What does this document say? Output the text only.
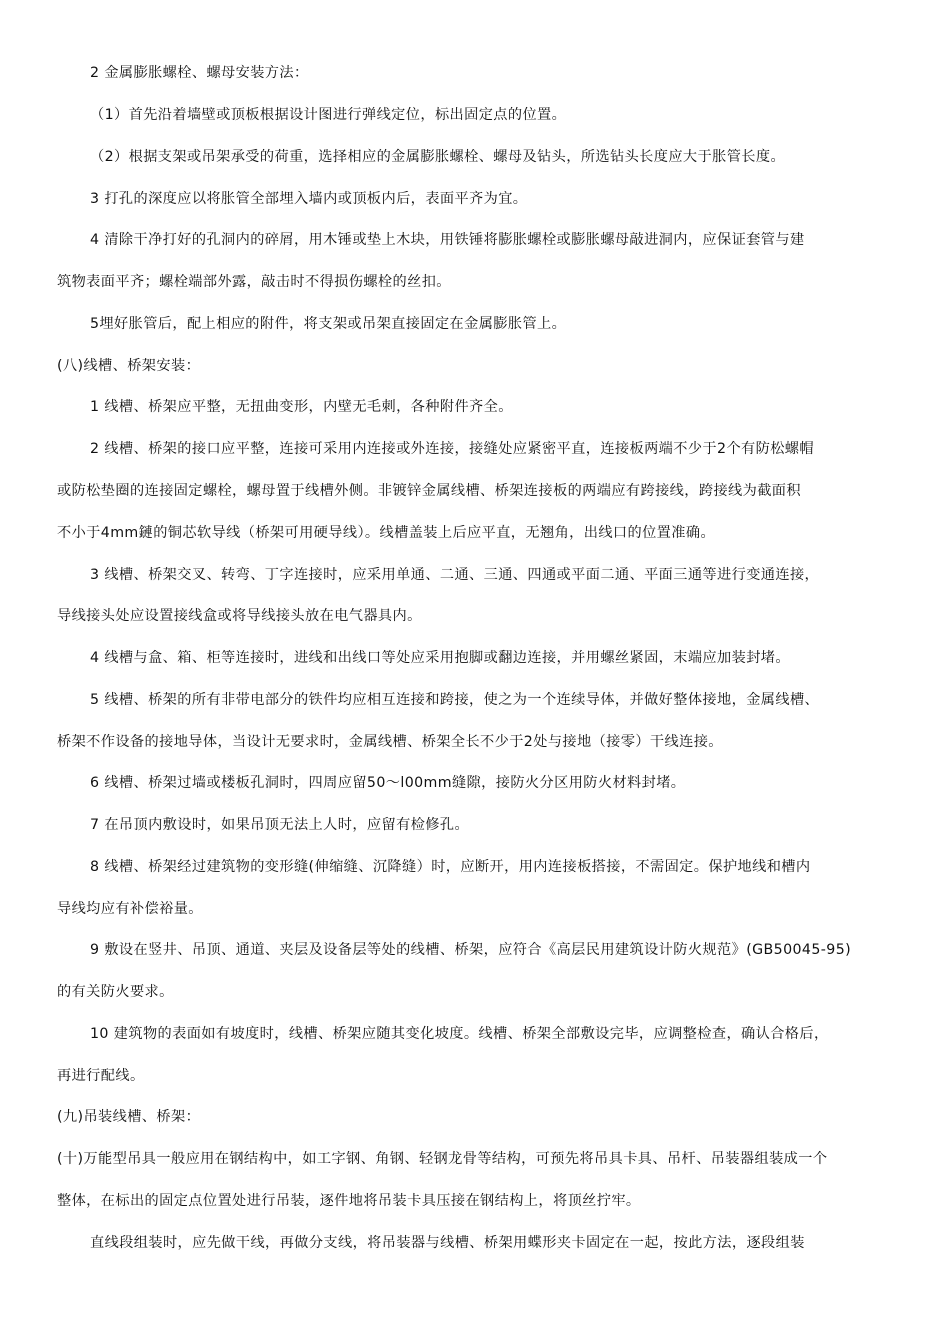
2 金属膨胀螺栓、螺母安装方法：
（1）首先沿着墙壁或顶板根据设计图进行弹线定位，标出固定点的位置。
（2）根据支架或吊架承受的荷重，选择相应的金属膨胀螺栓、螺母及钻头，所选钻头长度应大于胀管长度。
3 打孔的深度应以将胀管全部埋入墙内或顶板内后，表面平齐为宜。
4 清除干净打好的孔洞内的碎屑，用木锤或垫上木块，用铁锤将膨胀螺栓或膨胀螺母敲进洞内，应保证套管与建
筑物表面平齐；螺栓端部外露，敲击时不得损伤螺栓的丝扣。
5埋好胀管后，配上相应的附件，将支架或吊架直接固定在金属膨胀管上。
(八)线槽、桥架安装：
1 线槽、桥架应平整，无扭曲变形，内壁无毛刺，各种附件齐全。
2 线槽、桥架的接口应平整，连接可采用内连接或外连接，接缝处应紧密平直，连接板两端不少于2个有防松螺帽
或防松垫圈的连接固定螺栓，螺母置于线槽外侧。非镀锌金属线槽、桥架连接板的两端应有跨接线，跨接线为截面积
不小于4mm鏈的铜芯软导线（桥架可用硬导线）。线槽盖装上后应平直，无翘角，出线口的位置准确。
3 线槽、桥架交叉、转弯、丁字连接时，应采用单通、二通、三通、四通或平面二通、平面三通等进行变通连接，
导线接头处应设置接线盒或将导线接头放在电气器具内。
4 线槽与盒、箱、柜等连接时，进线和出线口等处应采用抱脚或翻边连接，并用螺丝紧固，末端应加装封堵。
5 线槽、桥架的所有非带电部分的铁件均应相互连接和跨接，使之为一个连续导体，并做好整体接地，金属线槽、
桥架不作设备的接地导体，当设计无要求时，金属线槽、桥架全长不少于2处与接地（接零）干线连接。
6 线槽、桥架过墙或楼板孔洞时，四周应留50～l00mm缝隙，接防火分区用防火材料封堵。
7 在吊顶内敷设时，如果吊顶无法上人时，应留有检修孔。
8 线槽、桥架经过建筑物的变形缝(伸缩缝、沉降缝）时，应断开，用内连接板搭接，不需固定。保护地线和槽内
导线均应有补偿裕量。
9 敷设在竖井、吊顶、通道、夹层及设备层等处的线槽、桥架，应符合《高层民用建筑设计防火规范》(GB50045-95)
的有关防火要求。
10 建筑物的表面如有坡度时，线槽、桥架应随其变化坡度。线槽、桥架全部敷设完毕，应调整检查，确认合格后，
再进行配线。
(九)吊装线槽、桥架：
(十)万能型吊具一般应用在钢结构中，如工字钢、角钢、轻钢龙骨等结构，可预先将吊具卡具、吊杆、吊装器组装成一个
整体，在标出的固定点位置处进行吊装，逐件地将吊装卡具压接在钢结构上，将顶丝拧牢。
直线段组装时，应先做干线，再做分支线，将吊装器与线槽、桥架用蝶形夹卡固定在一起，按此方法，逐段组装
